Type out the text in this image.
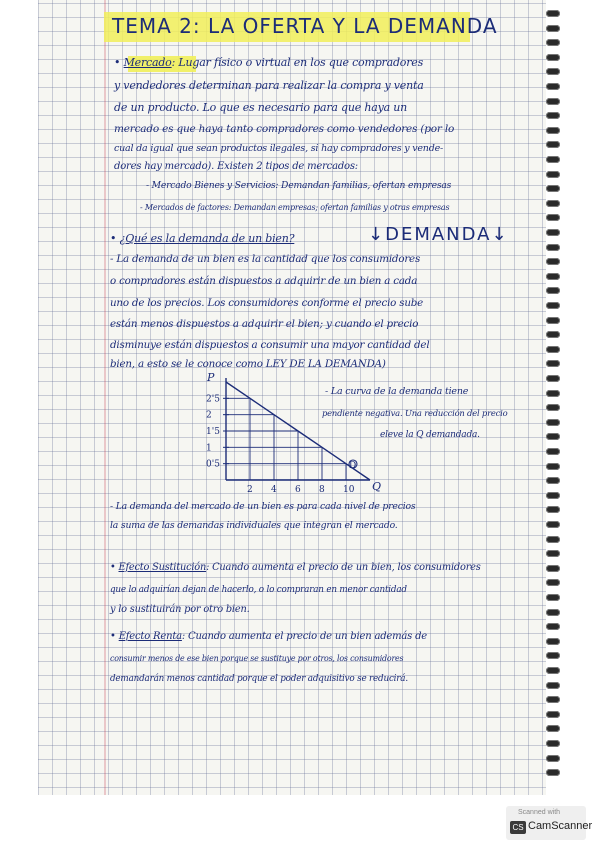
TEMA 2: LA OFERTA Y LA DEMANDA
• Mercado: Lugar físico o virtual en los que compradores
y vendedores determinan para realizar la compra y venta
de un producto. Lo que es necesario para que haya un
mercado es que haya tanto compradores como vendedores (por lo
cual da igual que sean productos ilegales, si hay compradores y vende-
dores hay mercado). Existen 2 tipos de mercados:
- Mercado Bienes y Servicios: Demandan familias, ofertan empresas
- Mercados de factores: Demandan empresas; ofertan familias y otras empresas
• ¿Qué es la demanda de un bien?	↓DEMANDA↓
- La demanda de un bien es la cantidad que los consumidores
o compradores están dispuestos a adquirir de un bien a cada
uno de los precios. Los consumidores conforme el precio sube
están menos dispuestos a adquirir el bien; y cuando el precio
disminuye están dispuestos a consumir una mayor cantidad del
bien, a esto se le conoce como LEY DE LA DEMANDA)
P
Q
2'5
2
1'5
1
0'5
2 4 6 8 10
D
- La curva de la demanda tiene
pendiente negativa. Una reducción del precio
eleve la Q demandada.
- La demanda del mercado de un bien es para cada nivel de precios
la suma de las demandas individuales que integran el mercado.
• Efecto Sustitución: Cuando aumenta el precio de un bien, los consumidores
que lo adquirían dejan de hacerlo, o lo compraran en menor cantidad
y lo sustituirán por otro bien.
• Efecto Renta: Cuando aumenta el precio de un bien además de
consumir menos de ese bien porque se sustituye por otros, los consumidores
demandarán menos cantidad porque el poder adquisitivo se reducirá.
Scanned with
CS CamScanner
